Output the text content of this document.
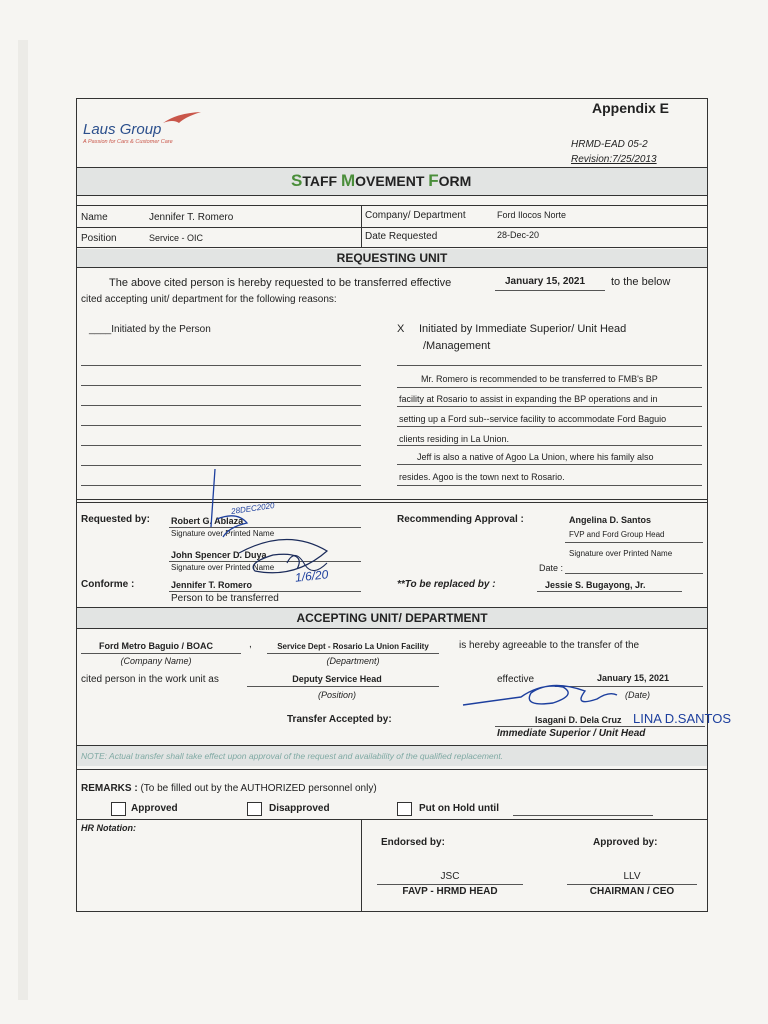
Appendix E
Laus Group
A Passion for Cars & Customer Care	HRMD-EAD 05-2
Revision:7/25/2013
STAFF MOVEMENT FORM
Name	Jennifer T. Romero
Position	Service - OIC
Company/ Department	Ford Ilocos Norte
Date Requested	28-Dec-20
REQUESTING UNIT
The above cited person is hereby requested to be transferred effective	January 15, 2021 to the below
cited accepting unit/ department for the following reasons:
____Initiated by the Person	X Initiated by Immediate Superior/ Unit Head
/Management
Mr. Romero is recommended to be transferred to FMB's BP
facility at Rosario to assist in expanding the BP operations and in
setting up a Ford sub--service facility to accommodate Ford Baguio
clients residing in La Union.
Jeff is also a native of Agoo La Union, where his family also
resides. Agoo is the town next to Rosario.
Requested by: Robert G. Ablaza
Signature over Printed Name
John Spencer D. Duya
Signature over Printed Name
Conforme :	Jennifer T. Romero
Person to be transferred
28DEC2020
1/6/20
Recommending Approval :	Angelina D. Santos
FVP and Ford Group Head
Signature over Printed Name
Date :
**To be replaced by :	Jessie S. Bugayong, Jr.
ACCEPTING UNIT/ DEPARTMENT
Ford Metro Baguio / BOAC
(Company Name)
,	Service Dept - Rosario La Union Facility
(Department)
is hereby agreeable to the transfer of the
cited person in the work unit as	Deputy Service Head
(Position)
effective	January 15, 2021
(Date)
Transfer Accepted by:	Isagani D. Dela Cruz LINA D.SANTOS
Immediate Superior / Unit Head
NOTE: Actual transfer shall take effect upon approval of the request and availability of the qualified replacement.
REMARKS : (To be filled out by the AUTHORIZED personnel only)
Approved	Disapproved	Put on Hold until
HR Notation:
Endorsed by:	Approved by:
JSC
FAVP - HRMD HEAD
LLV
CHAIRMAN / CEO
